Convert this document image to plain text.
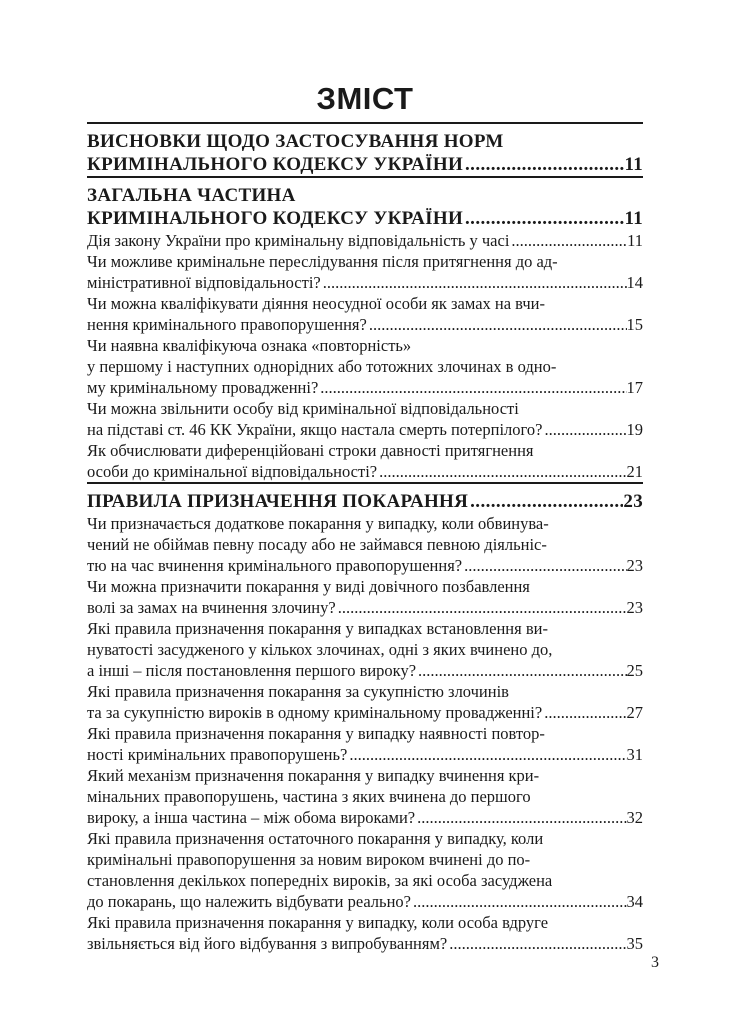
ЗМІСТ
ВИСНОВКИ ЩОДО ЗАСТОСУВАННЯ НОРМ
КРИМІНАЛЬНОГО КОДЕКСУ УКРАЇНИ .....	11
ЗАГАЛЬНА ЧАСТИНА
КРИМІНАЛЬНОГО КОДЕКСУ УКРАЇНИ .....	11
Дія закону України про кримінальну відповідальність у часі .....	11
Чи можливе кримінальне переслідування після притягнення до ад-
міністративної відповідальності? .....	14
Чи можна кваліфікувати діяння неосудної особи як замах на вчи-
нення кримінального правопорушення? .....	15
Чи наявна кваліфікуюча ознака «повторність»
у першому і наступних однорідних або тотожних злочинах в одно-
му кримінальному провадженні? .....	17
Чи можна звільнити особу від кримінальної відповідальності
на підставі ст. 46 КК України, якщо настала смерть потерпілого? .....	19
Як обчислювати диференційовані строки давності притягнення
особи до кримінальної відповідальності? .....	21
ПРАВИЛА ПРИЗНАЧЕННЯ ПОКАРАННЯ .....	23
Чи призначається додаткове покарання у випадку, коли обвинува-
чений не обіймав певну посаду або не займався певною діяльніс-
тю на час вчинення кримінального правопорушення? .....	23
Чи можна призначити покарання у виді довічного позбавлення
волі за замах на вчинення злочину? .....	23
Які правила призначення покарання у випадках встановлення ви-
нуватості засудженого у кількох злочинах, одні з яких вчинено до,
а інші – після постановлення першого вироку? .....	25
Які правила призначення покарання за сукупністю злочинів
та за сукупністю вироків в одному кримінальному провадженні? .....	27
Які правила призначення покарання у випадку наявності повтор-
ності кримінальних правопорушень? .....	31
Який механізм призначення покарання у випадку вчинення кри-
мінальних правопорушень, частина з яких вчинена до першого
вироку, а інша частина – між обома вироками? .....	32
Які правила призначення остаточного покарання у випадку, коли
кримінальні правопорушення за новим вироком вчинені до по-
становлення декількох попередніх вироків, за які особа засуджена
до покарань, що належить відбувати реально? .....	34
Які правила призначення покарання у випадку, коли особа вдруге
звільняється від його відбування з випробуванням? .....	35
3
